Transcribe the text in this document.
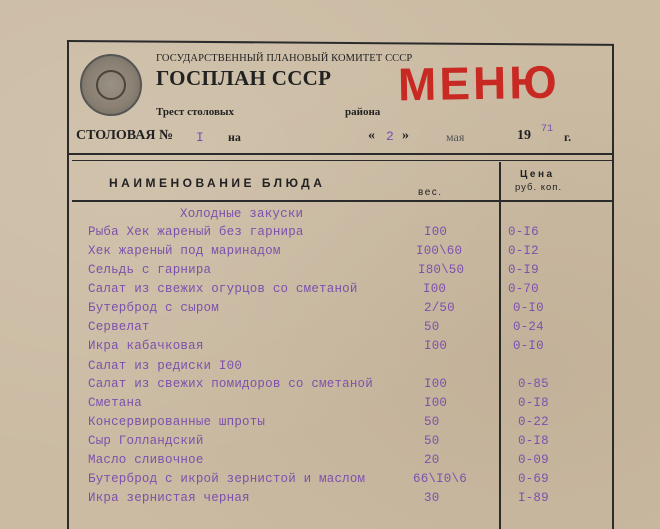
ГОСУДАРСТВЕННЫЙ ПЛАНОВЫЙ КОМИТЕТ СССР
ГОСПЛАН СССР МЕНЮ
Трест столовых	района
СТОЛОВАЯ № I на	« 2 »	мая	19 71
г.
НАИМЕНОВАНИЕ БЛЮДА
вес.
Цена
руб. коп.
Холодные закуски
Рыба Хек жареный без гарнира	I00	0-I6
Хек жареный под маринадом	I00\60	0-I2
Сельдь с гарнира	I80\50	0-I9
Салат из свежих огурцов со сметаной	I00	0-70
Бутерброд с сыром	2/50	0-I0
Сервелат	50	0-24
Икра кабачковая	I00	0-I0
Салат из редиски I00
Салат из свежих помидоров со сметаной	I00	0-85
Сметана	I00	0-I8
Консервированные шпроты	50	0-22
Сыр Голландский	50	0-I8
Масло сливочное	20	0-09
Бутерброд с икрой зернистой и маслом	66\I0\6	0-69
Икра зернистая черная	30	I-89
